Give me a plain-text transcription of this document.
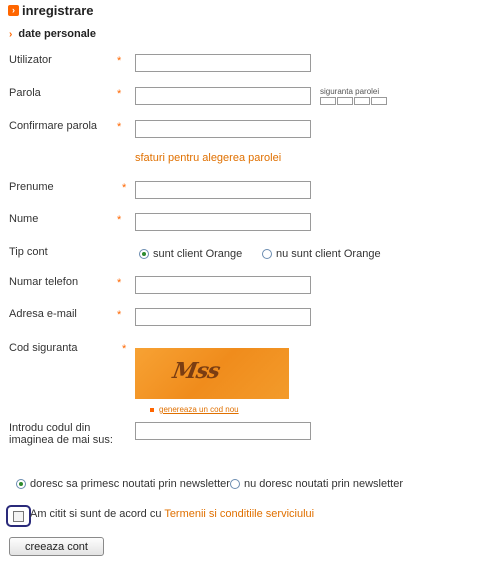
› inregistrare
› date personale
Utilizator	*
Parola	*	siguranta parolei
Confirmare parola *
sfaturi pentru alegerea parolei
Prenume	*
Nume	*
Tip cont	sunt client Orange	nu sunt client Orange
Numar telefon	*
Adresa e-mail	*
Cod siguranta	*
Mss
genereaza un cod nou
Introdu codul din
imaginea de mai sus:
doresc sa primesc noutati prin newsletter nu doresc noutati prin newsletter
Am citit si sunt de acord cu Termenii si conditiile serviciului
creeaza cont
